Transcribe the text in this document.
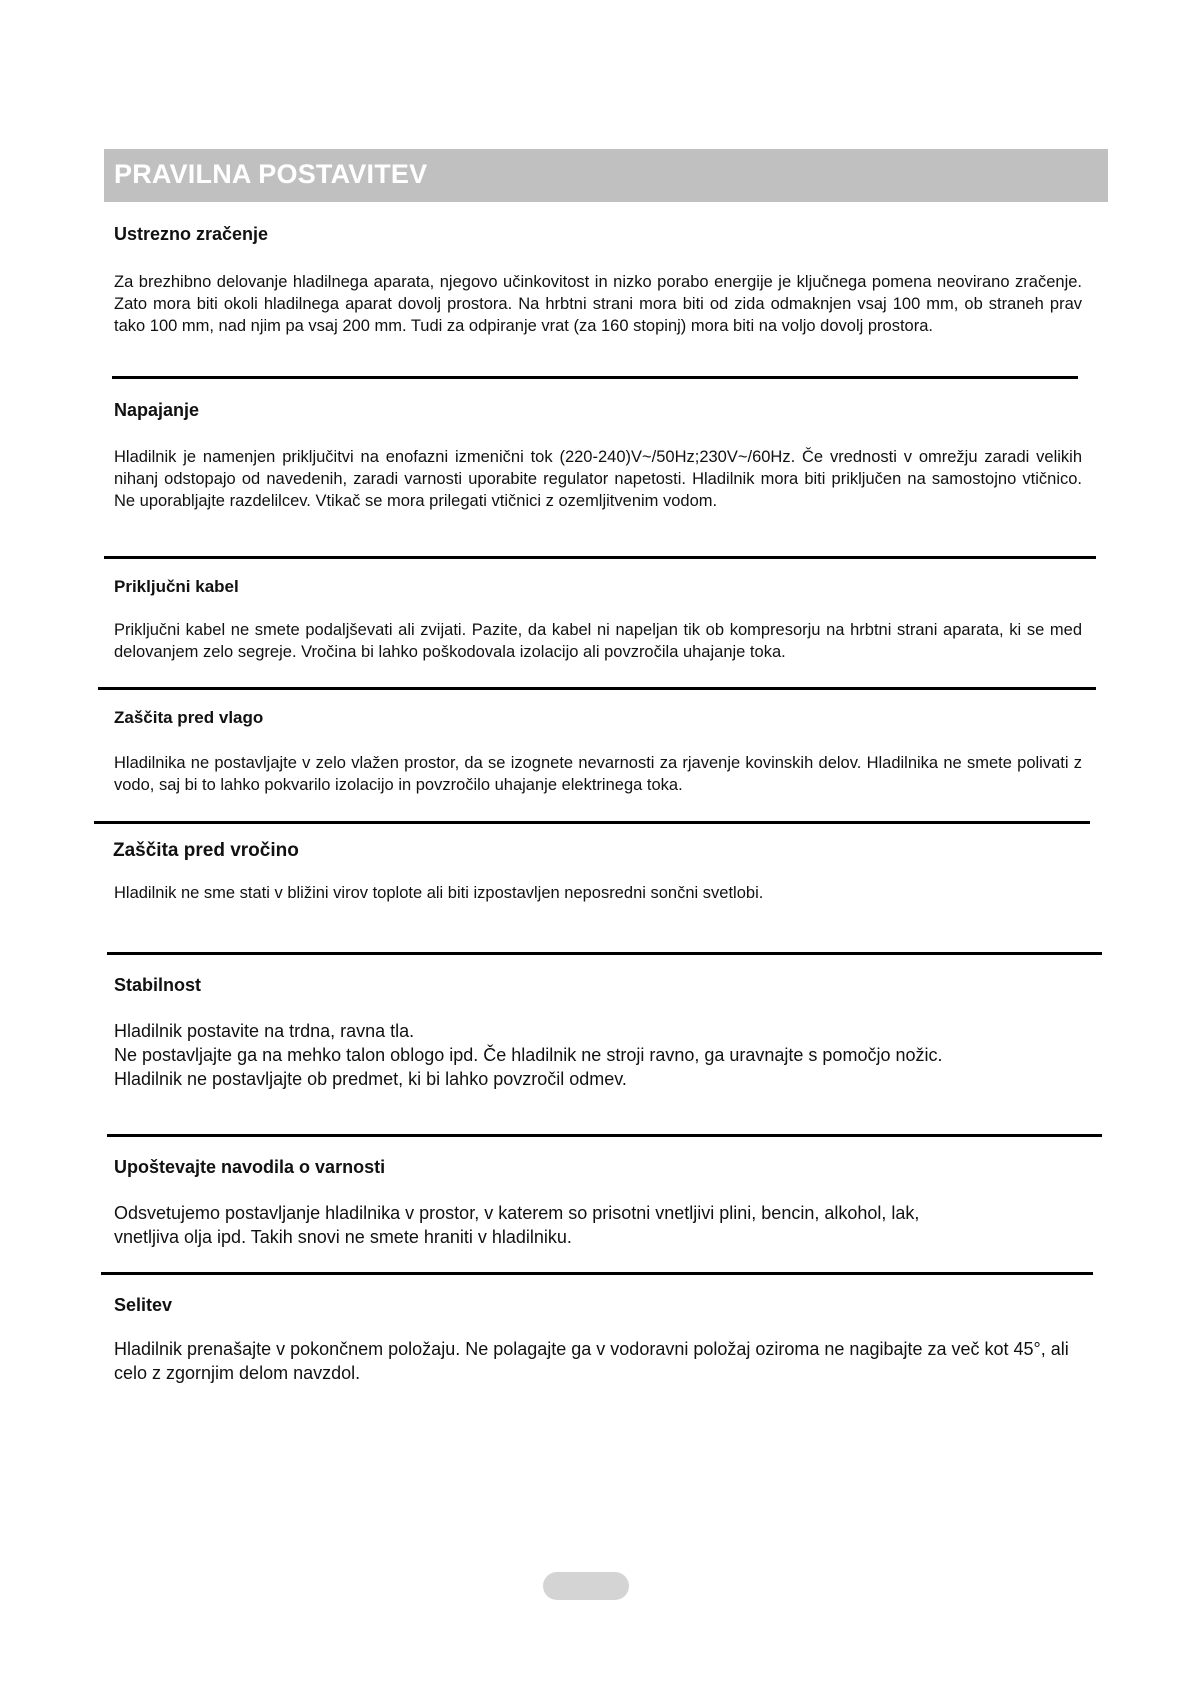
PRAVILNA POSTAVITEV
Ustrezno zračenje
Za brezhibno delovanje hladilnega aparata, njegovo učinkovitost in nizko porabo energije je ključnega pomena neovirano zračenje. Zato mora biti okoli hladilnega aparat dovolj prostora. Na hrbtni strani mora biti od zida odmaknjen vsaj 100 mm, ob straneh prav tako 100 mm, nad njim pa vsaj 200 mm. Tudi za odpiranje vrat (za 160 stopinj) mora biti na voljo dovolj prostora.
Napajanje
Hladilnik je namenjen priključitvi na enofazni izmenični tok (220-240)V~/50Hz;230V~/60Hz. Če vrednosti v omrežju zaradi velikih nihanj odstopajo od navedenih, zaradi varnosti uporabite regulator napetosti. Hladilnik mora biti priključen na samostojno vtičnico. Ne uporabljajte razdelilcev. Vtikač se mora prilegati vtičnici z ozemljitvenim vodom.
Priključni kabel
Priključni kabel ne smete podaljševati ali zvijati. Pazite, da kabel ni napeljan tik ob kompresorju na hrbtni strani aparata, ki se med delovanjem zelo segreje. Vročina bi lahko poškodovala izolacijo ali povzročila uhajanje toka.
Zaščita pred vlago
Hladilnika ne postavljajte v zelo vlažen prostor, da se izognete nevarnosti za rjavenje kovinskih delov. Hladilnika ne smete polivati z vodo, saj bi to lahko pokvarilo izolacijo in povzročilo uhajanje elektrinega toka.
Zaščita pred vročino
Hladilnik ne sme stati v bližini virov toplote ali biti izpostavljen neposredni sončni svetlobi.
Stabilnost
Hladilnik postavite na trdna, ravna tla.
Ne postavljajte ga na mehko talon oblogo ipd. Če hladilnik ne stroji ravno, ga uravnajte s pomočjo nožic.
Hladilnik ne postavljajte ob predmet, ki bi lahko povzročil odmev.
Upoštevajte navodila o varnosti
Odsvetujemo postavljanje hladilnika v prostor, v katerem so prisotni vnetljivi plini, bencin, alkohol, lak,
vnetljiva olja ipd. Takih snovi ne smete hraniti v hladilniku.
Selitev
Hladilnik prenašajte v pokončnem položaju. Ne polagajte ga v vodoravni položaj oziroma ne nagibajte za več kot 45°, ali celo z zgornjim delom navzdol.
